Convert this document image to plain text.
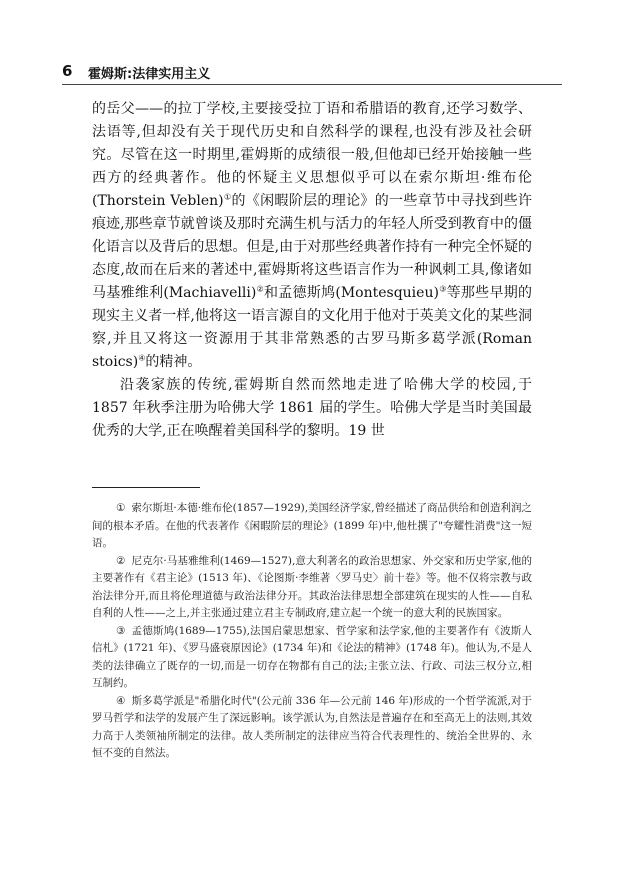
6 霍姆斯:法律实用主义

的岳父——的拉丁学校,主要接受拉丁语和希腊语的教育,还学习数学、法语等,但却没有关于现代历史和自然科学的课程,也没有涉及社会研究。尽管在这一时期里,霍姆斯的成绩很一般,但他却已经开始接触一些西方的经典著作。他的怀疑主义思想似乎可以在索尔斯坦·维布伦(Thorstein Veblen)①的《闲暇阶层的理论》的一些章节中寻找到些许痕迹,那些章节就曾谈及那时充满生机与活力的年轻人所受到教育中的僵化语言以及背后的思想。但是,由于对那些经典著作持有一种完全怀疑的态度,故而在后来的著述中,霍姆斯将这些语言作为一种讽刺工具,像诸如马基雅维利(Machiavelli)②和孟德斯鸠(Montesquieu)③等那些早期的现实主义者一样,他将这一语言源自的文化用于他对于英美文化的某些洞察,并且又将这一资源用于其非常熟悉的古罗马斯多葛学派(Roman stoics)④的精神。

沿袭家族的传统,霍姆斯自然而然地走进了哈佛大学的校园,于 1857 年秋季注册为哈佛大学 1861 届的学生。哈佛大学是当时美国最优秀的大学,正在唤醒着美国科学的黎明。19 世

① 索尔斯坦·本德·维布伦(1857—1929),美国经济学家,曾经描述了商品供给和创造利润之间的根本矛盾。在他的代表著作《闲暇阶层的理论》(1899 年)中,他杜撰了"夸耀性消费"这一短语。

② 尼克尔·马基雅维利(1469—1527),意大利著名的政治思想家、外交家和历史学家,他的主要著作有《君主论》(1513 年)、《论图斯·李维著〈罗马史〉前十卷》等。他不仅将宗教与政治法律分开,而且将伦理道德与政治法律分开。其政治法律思想全部建筑在现实的人性——自私自利的人性——之上,并主张通过建立君主专制政府,建立起一个统一的意大利的民族国家。

③ 孟德斯鸠(1689—1755),法国启蒙思想家、哲学家和法学家,他的主要著作有《波斯人信札》(1721 年)、《罗马盛衰原因论》(1734 年)和《论法的精神》(1748 年)。他认为,不是人类的法律确立了既存的一切,而是一切存在物都有自己的法;主张立法、行政、司法三权分立,相互制约。

④ 斯多葛学派是"希腊化时代"(公元前 336 年—公元前 146 年)形成的一个哲学流派,对于罗马哲学和法学的发展产生了深远影响。该学派认为,自然法是普遍存在和至高无上的法则,其效力高于人类领袖所制定的法律。故人类所制定的法律应当符合代表理性的、统治全世界的、永恒不变的自然法。
